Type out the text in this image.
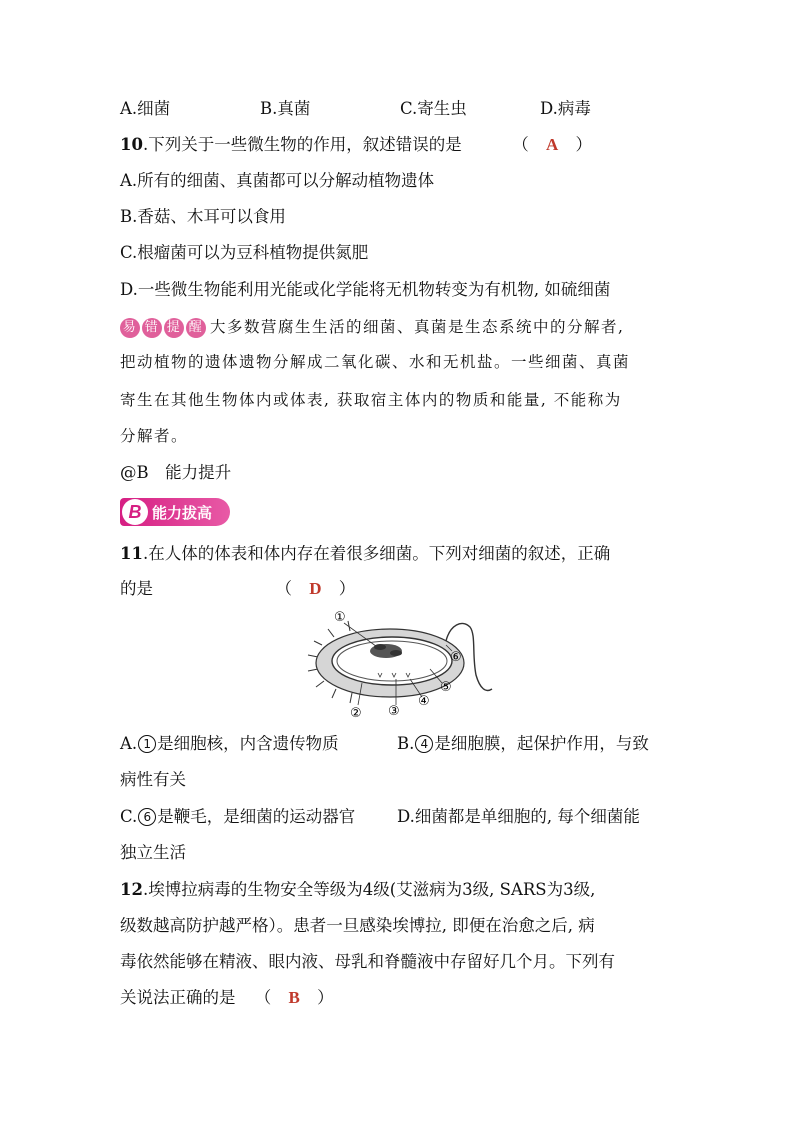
A.细菌	B.真菌	C.寄生虫	D.病毒
10.下列关于一些微生物的作用，叙述错误的是	（ A ）
A.所有的细菌、真菌都可以分解动植物遗体
B.香菇、木耳可以食用
C.根瘤菌可以为豆科植物提供氮肥
D.一些微生物能利用光能或化学能将无机物转变为有机物, 如硫细菌
易 错 提 醒 大多数营腐生生活的细菌、真菌是生态系统中的分解者,
把动植物的遗体遗物分解成二氧化碳、水和无机盐。一些细菌、真菌
寄生在其他生物体内或体表, 获取宿主体内的物质和能量, 不能称为
分解者。
@B　能力提升
B 能力拔高
11.在人体的体表和体内存在着很多细菌。下列对细菌的叙述，正确
的是	（ D ）
①
② ③
④
⑤
⑥
A. 1 是细胞核，内含遗传物质	B. 4 是细胞膜，起保护作用，与致
病性有关
C. 6 是鞭毛，是细菌的运动器官	D.细菌都是单细胞的, 每个细菌能
独立生活
12.埃博拉病毒的生物安全等级为4级(艾滋病为3级, SARS为3级,
级数越高防护越严格）。患者一旦感染埃博拉, 即便在治愈之后, 病
毒依然能够在精液、眼内液、母乳和脊髓液中存留好几个月。下列有
关说法正确的是 （ B ）
